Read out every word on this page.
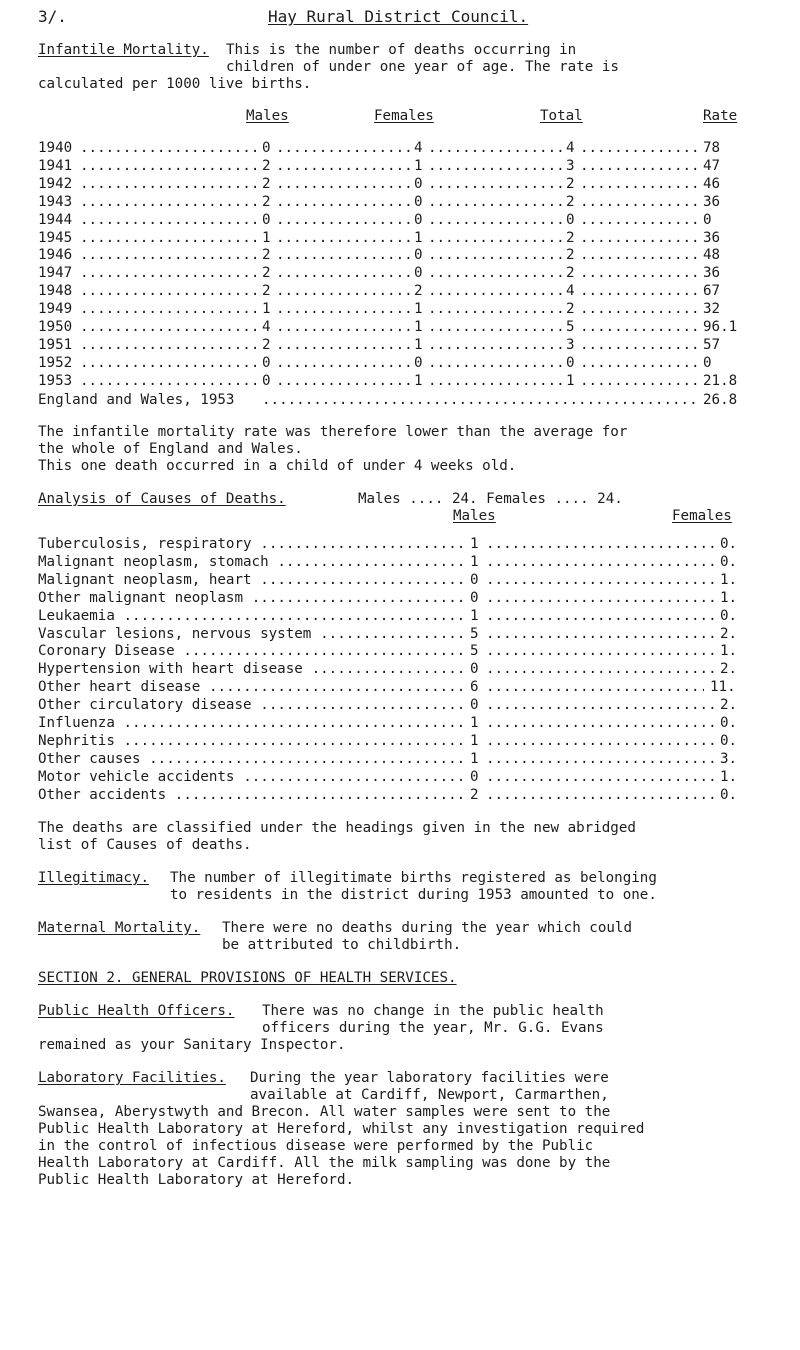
3/.	Hay Rural District Council.
Infantile Mortality. This is the number of deaths occurring in
children of under one year of age. The rate is
calculated per 1000 live births.
Males	Females	Total	Rate
1940	0	4	4	78
.....
.....
.....
.....
1941	2	1	3	47
.....
.....
.....
.....
1942	2	0	2	46
.....
.....
.....
.....
1943	2	0	2	36
.....
.....
.....
.....
1944	0	0	0	0
.....
.....
.....
.....
1945	1	1	2	36
.....
.....
.....
.....
1946	2	0	2	48
.....
.....
.....
.....
1947	2	0	2	36
.....
.....
.....
.....
1948	2	2	4	67
.....
.....
.....
.....
1949	1	1	2	32
.....
.....
.....
.....
1950	4	1	5	96.1
.....
.....
.....
.....
1951	2	1	3	57
.....
.....
.....
.....
1952	0	0	0	0
.....
.....
.....
.....
1953	0	1	1	21.8
.....
.....
.....
.....
England and Wales, 1953 .....	26.8
The infantile mortality rate was therefore lower than the average for
the whole of England and Wales.
This one death occurred in a child of under 4 weeks old.
Analysis of Causes of Deaths.	Males .... 24. Females .... 24.
Males	Females
Tuberculosis, respiratory .....	1 .....	0.
Malignant neoplasm, stomach .....	1 .....	0.
Malignant neoplasm, heart .....	0 .....	1.
Other malignant neoplasm .....	0 .....	1.
Leukaemia .....	1 .....	0.
Vascular lesions, nervous system .....	5 .....	2.
Coronary Disease .....	5 .....	1.
Hypertension with heart disease .....	0 .....	2.
Other heart disease .....	6 .....	11.
Other circulatory disease .....	0 .....	2.
Influenza .....	1 .....	0.
Nephritis .....	1 .....	0.
Other causes .....	1 .....	3.
Motor vehicle accidents .....	0 .....	1.
Other accidents .....	2 .....	0.
The deaths are classified under the headings given in the new abridged
list of Causes of deaths.
Illegitimacy. The number of illegitimate births registered as belonging
to residents in the district during 1953 amounted to one.
Maternal Mortality. There were no deaths during the year which could
be attributed to childbirth.
SECTION 2. GENERAL PROVISIONS OF HEALTH SERVICES.
Public Health Officers. There was no change in the public health
officers during the year, Mr. G.G. Evans
remained as your Sanitary Inspector.
Laboratory Facilities. During the year laboratory facilities were
available at Cardiff, Newport, Carmarthen,
Swansea, Aberystwyth and Brecon. All water samples were sent to the
Public Health Laboratory at Hereford, whilst any investigation required
in the control of infectious disease were performed by the Public
Health Laboratory at Cardiff. All the milk sampling was done by the
Public Health Laboratory at Hereford.
